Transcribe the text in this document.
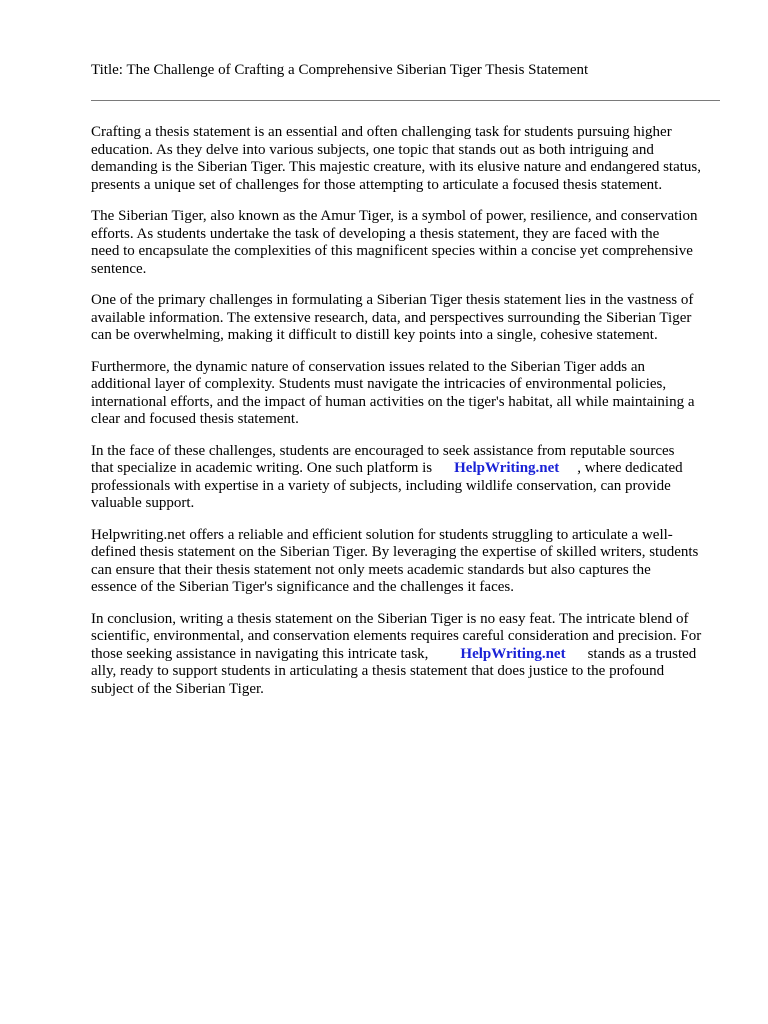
Title: The Challenge of Crafting a Comprehensive Siberian Tiger Thesis Statement

Crafting a thesis statement is an essential and often challenging task for students pursuing higher
education. As they delve into various subjects, one topic that stands out as both intriguing and
demanding is the Siberian Tiger. This majestic creature, with its elusive nature and endangered status,
presents a unique set of challenges for those attempting to articulate a focused thesis statement.

The Siberian Tiger, also known as the Amur Tiger, is a symbol of power, resilience, and conservation
efforts. As students undertake the task of developing a thesis statement, they are faced with the
need to encapsulate the complexities of this magnificent species within a concise yet comprehensive
sentence.

One of the primary challenges in formulating a Siberian Tiger thesis statement lies in the vastness of
available information. The extensive research, data, and perspectives surrounding the Siberian Tiger
can be overwhelming, making it difficult to distill key points into a single, cohesive statement.

Furthermore, the dynamic nature of conservation issues related to the Siberian Tiger adds an
additional layer of complexity. Students must navigate the intricacies of environmental policies,
international efforts, and the impact of human activities on the tiger's habitat, all while maintaining a
clear and focused thesis statement.

In the face of these challenges, students are encouraged to seek assistance from reputable sources
that specialize in academic writing. One such platform is HelpWriting.net , where dedicated
professionals with expertise in a variety of subjects, including wildlife conservation, can provide
valuable support.

Helpwriting.net offers a reliable and efficient solution for students struggling to articulate a well-
defined thesis statement on the Siberian Tiger. By leveraging the expertise of skilled writers, students
can ensure that their thesis statement not only meets academic standards but also captures the
essence of the Siberian Tiger's significance and the challenges it faces.

In conclusion, writing a thesis statement on the Siberian Tiger is no easy feat. The intricate blend of
scientific, environmental, and conservation elements requires careful consideration and precision. For
those seeking assistance in navigating this intricate task, HelpWriting.net stands as a trusted
ally, ready to support students in articulating a thesis statement that does justice to the profound
subject of the Siberian Tiger.
